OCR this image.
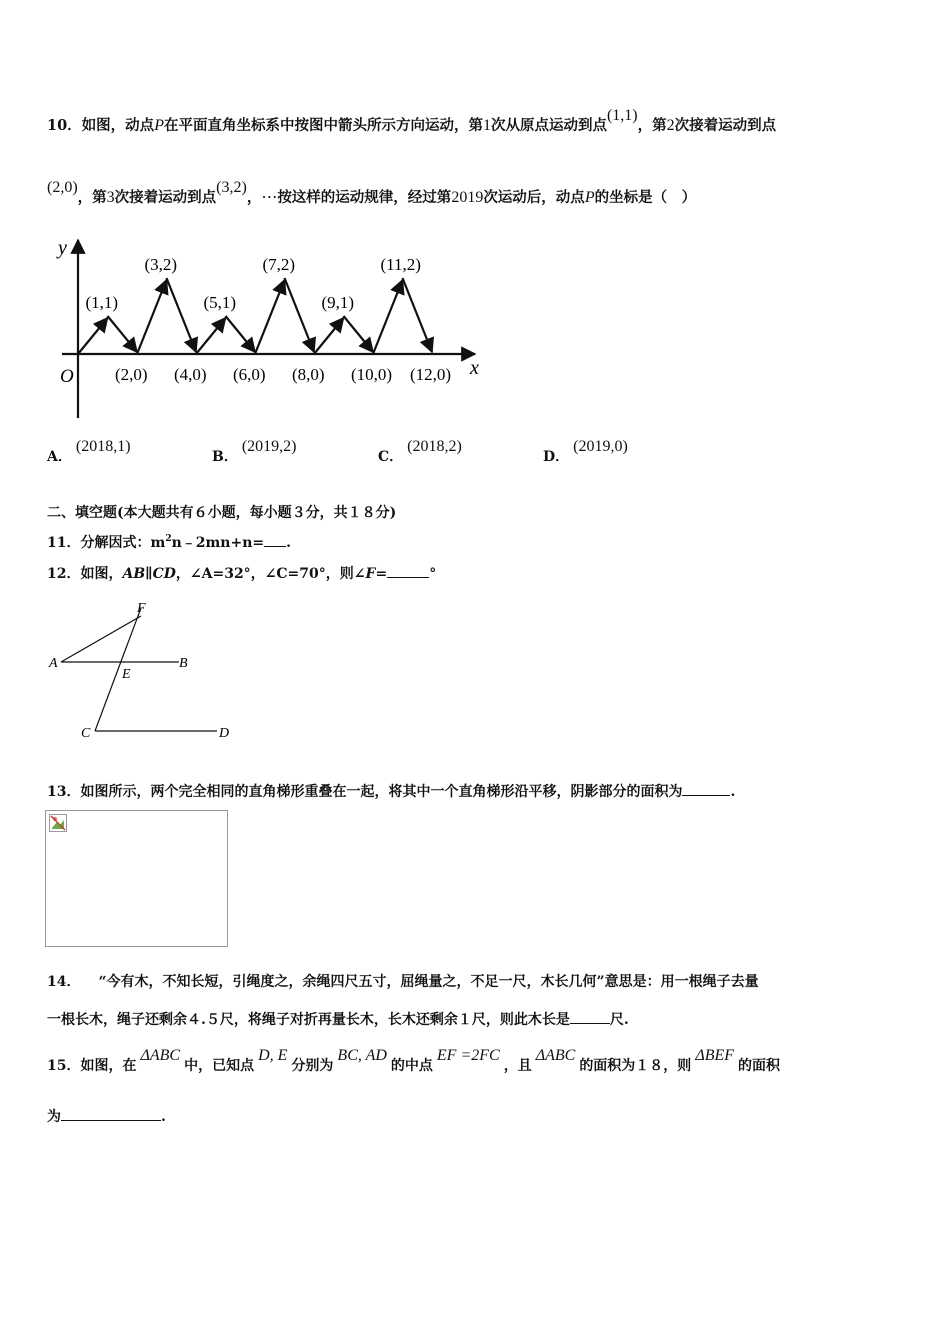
10．如图，动点P在平面直角坐标系中按图中箭头所示方向运动，第1次从原点运动到点(1,1)，第2次接着运动到点
(2,0)，第3次接着运动到点(3,2)，⋯按这样的运动规律，经过第2019次运动后，动点P的坐标是（　）
y
x
O
(1,1)
(3,2)
(5,1)
(7,2)
(9,1)
(11,2)
(2,0) (4,0) (6,0) (8,0) (10,0) (12,0)
A．(2018,1)
B．(2019,2)
C．(2018,2)
D．(2019,0)
二、填空题(本大题共有６小题，每小题３分，共１８分)
11．分解因式：$m^2n﹣2mn+n=$ .
12．如图，AB∥CD，∠A=32°，∠C=70°，则∠F=	°
F
A	B
E
C	D
13．如图所示，两个完全相同的直角梯形重叠在一起，将其中一个直角梯形沿平移，阴影部分的面积为	.
14． “今有木，不知长短，引绳度之，余绳四尺五寸，屈绳量之，不足一尺，木长几何”意思是：用一根绳子去量
一根长木，绳子还剩余４.５尺，将绳子对折再量长木，长木还剩余１尺，则此木长是	尺.
15．如图，在ΔABC中，已知点D, E分别为BC, AD的中点EF =2FC，且ΔABC的面积为１８，则ΔBEF的面积
为	.
